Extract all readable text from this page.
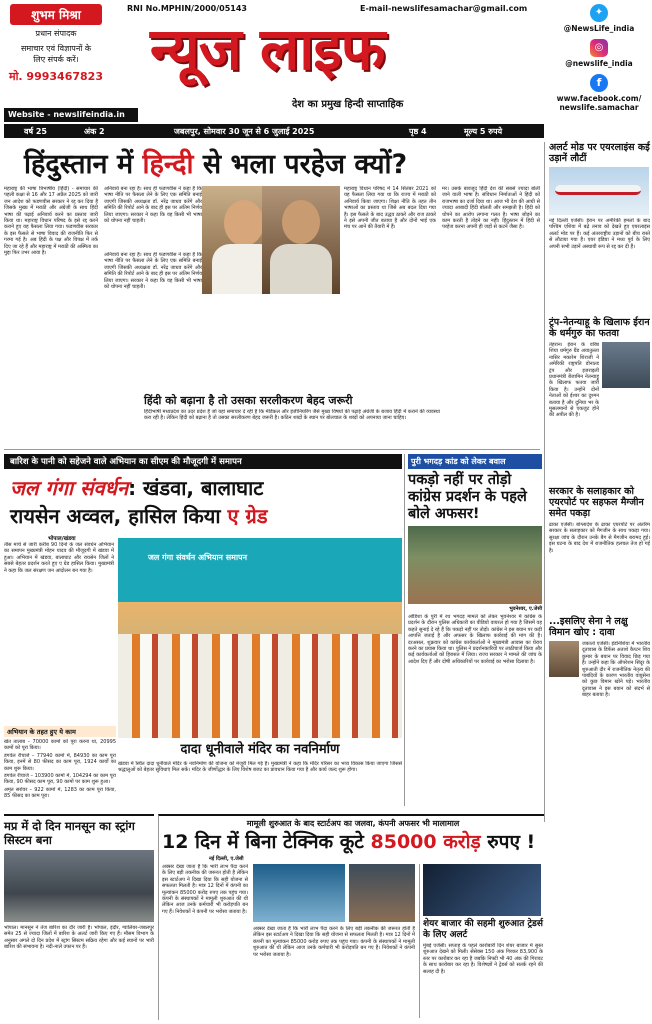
शुभम मिश्रा
प्रधान संपादक
समाचार एवं विज्ञापनों के
लिए संपर्क करें।
मो. 9993467823
RNI No.MPHIN/2000/05143	E-mail-newslifesamachar@gmail.com
न्यूज लाइफ
देश का प्रमुख हिन्दी साप्ताहिक
Website - newslifeindia.in
✦
@NewsLife_india
◎
@newslife_india
f
www.facebook.com/
newslife.samachar
वर्ष 25	अंक 2	जबलपुर, सोमवार 30 जून से 6 जुलाई 2025	पृष्ठ 4	मूल्य 5 रुपये
हिंदुस्तान में हिन्दी से भला परहेज क्यों?
महाराष्ट्र की भाषा त्रिभाषीय (हिंदी) - समाचार की पहली कक्षा से 16 और 17 अप्रैल 2025 को जारी जन आदेश को फडणवीस सरकार ने रद्द कर दिया है जिसके मुख्य में मराठी और अंग्रेजी के साथ हिंदी भाषा की पढ़ाई अनिवार्य करने का प्रस्ताव जारी किया था। महाराष्ट्र विधान परिषद के इसे रद्द करने कराने हुए यह फैसला लिया गया। फडणवीस सरकार के इस फैसले से भाषा विवाद की राजनीति फिर से गरमा गई है। अब हिंदी के पक्ष और विपक्ष में तर्क दिए जा रहे हैं और महाराष्ट्र में मराठी की अस्मिता का मुद्दा फिर उभर आया है।
अनिवार्य बना रहा है। साथ ही फडणवीस ने कहा है कि भाषा नीति पर फैसला लेने के लिए एक समिति बनाई जाएगी जिसकी अध्यक्षता डॉ. नरेंद्र जाधव करेंगे और समिति की रिपोर्ट आने के बाद ही इस पर अंतिम निर्णय लिया जाएगा। सरकार ने कहा कि वह किसी भी भाषा को थोपना नहीं चाहती।
अनिवार्य बना रहा है। साथ ही फडणवीस ने कहा है कि भाषा नीति पर फैसला लेने के लिए एक समिति बनाई जाएगी जिसकी अध्यक्षता डॉ. नरेंद्र जाधव करेंगे और समिति की रिपोर्ट आने के बाद ही इस पर अंतिम निर्णय लिया जाएगा। सरकार ने कहा कि वह किसी भी भाषा को थोपना नहीं चाहती।
महाराष्ट्र विधान परिषद में 14 सितंबर 2021 को यह फैसला लिया गया था कि राज्य में मराठी को अनिवार्य किया जाएगा। शिक्षा नीति के तहत तीन भाषाओं का प्रस्ताव था जिसे अब बदल दिया गया है। इस फैसले के बाद उद्धव ठाकरे और राज ठाकरे ने इसे अपनी जीत बताया है और दोनों भाई एक मंच पर आने की तैयारी में हैं।
मर। उसके बावजूद हिंदी देश की सबसे ज्यादा बोली जाने वाली भाषा है। संविधान निर्माताओं ने हिंदी को राजभाषा का दर्जा दिया था। आज भी देश की आधी से ज्यादा आबादी हिंदी बोलती और समझती है। हिंदी को थोपने का आरोप लगाना गलत है। भाषा जोड़ने का काम करती है तोड़ने का नहीं। हिंदुस्तान में हिंदी से परहेज करना अपनी ही जड़ों से कटने जैसा है।
हिंदी को बढ़ाना है तो उसका सरलीकरण बेहद जरूरी
हिंदीभाषी मध्यप्रदेश का उदर प्रदेश है जो यहां समाचार दे रही है कि मेडिकल और इंजीनियरिंग जैसे मुख्य विषयों की पढ़ाई अंग्रेजी के बजाय हिंदी में कराने की व्यवस्था करा रही है। लेकिन हिंदी को बढ़ाना है तो उसका सरलीकरण बेहद जरूरी है। कठिन शब्दों के स्थान पर बोलचाल के शब्दों को अपनाया जाना चाहिए।
अलर्ट मोड पर एयरलाइंस कई उड़ानें लौटीं
नई दिल्ली एजेंसी। ईरान पर अमेरिकी हमलों के बाद पश्चिम एशिया में बढ़े तनाव को देखते हुए एयरलाइंस अलर्ट मोड पर हैं। कई अंतरराष्ट्रीय उड़ानों को बीच रास्ते से लौटाया गया है। एयर इंडिया ने मध्य पूर्व के लिए अपनी सभी उड़ानें अस्थायी रूप से रद्द कर दी हैं।
ट्रंप-नेतन्याहू के खिलाफ ईरान के धर्मगुरु का फतवा
तेहरान। ईरान के वरिष्ठ शिया धर्मगुरु ग्रैंड अयातुल्ला नासिर मकारेम शिराजी ने अमेरिकी राष्ट्रपति डोनाल्ड ट्रंप और इजराइली प्रधानमंत्री बेंजामिन नेतन्याहू के खिलाफ फतवा जारी किया है। उन्होंने दोनों नेताओं को ईश्वर का दुश्मन बताया है और दुनिया भर के मुसलमानों से एकजुट होने की अपील की है।
सरकार के सलाहकार को एयरपोर्ट पर सहफल मैग्जीन समेत पकड़ा
ढाका एजेंसी। बांग्लादेश के ढाका एयरपोर्ट पर अंतरिम सरकार के सलाहकार को मैगजीन के साथ पकड़ा गया। सुरक्षा जांच के दौरान उनके बैग से मैगजीन बरामद हुई। इस घटना के बाद देश में राजनीतिक हलचल तेज हो गई है।
...इसलिए सेना ने लक्षु विमान खोए : दावा
जकार्ता एजेंसी। इंडोनेशिया में भारतीय दूतावास के डिफेंस अताशे कैप्टन शिव कुमार के बयान पर विवाद छिड़ गया है। उन्होंने कहा कि ऑपरेशन सिंदूर के शुरुआती दौर में राजनीतिक नेतृत्व की पाबंदियों के कारण भारतीय वायुसेना को कुछ विमान खोने पड़े। भारतीय दूतावास ने इस बयान को संदर्भ से बाहर बताया है।
बारिश के पानी को सहेजने वाले अभियान का सीएम की मौजूदगी में समापन
जल गंगा संवर्धन: खंडवा, बालाघाट
रायसेन अव्वल, हासिल किया ए ग्रेड
भोपाल/खंडवा
तीस मार्च से जारी करीब 90 दिनों के जल संवर्धन अभियान का समापन मुख्यमंत्री मोहन यादव की मौजूदगी में खंडवा में हुआ। अभियान में खंडवा, बालाघाट और रायसेन जिलों ने सबसे बेहतर प्रदर्शन करते हुए ए ग्रेड हासिल किया। मुख्यमंत्री ने कहा कि जल संरक्षण जन आंदोलन बन गया है।
जल गंगा संवर्धन अभियान समापन
अभियान के तहत हुए ये काम
खेत तालाब – 70000 कामों को पूरा करना था, 20995 कामों को पूरा किया।
डगवेल रीचार्ज – 77940 कामों में, 84930 का काम पूरा किया, इनमें से 80 फीसद का काम पूरा, 1924 कार्यों का काम शुरू किया।
डगवेल रीचार्ज – 103900 कामों में, 104294 का काम पूरा किया, 90 फीसद काम पूरा, 90 कामों पर काम शुरू हुआ।
अमृत सरोवर – 922 कामों में, 1283 का काम पूरा किया, 85 फीसद का काम पूरा।
पुरी भगदड़ कांड को लेकर बवाल
पकड़ो नहीं पर तोड़ो कांग्रेस प्रदर्शन के पहले बोले अफसर!
भुवनेश्वर, ए.जेसी
ओडिशा के पुरी में रथ भगदड़ मामले को लेकर भुवनेश्वर में कांग्रेस के प्रदर्शन के दौरान पुलिस अधिकारी का वीडियो वायरल हो गया है जिसमें वह कहते सुनाई दे रहे हैं कि पकड़ो नहीं पर तोड़ो। कांग्रेस ने इस बयान पर कड़ी आपत्ति जताई है और अफसर के खिलाफ कार्रवाई की मांग की है। दरअसल, शुक्रवार को कांग्रेस कार्यकर्ताओं ने मुख्यमंत्री आवास का घेराव करने का प्रयास किया था। पुलिस ने प्रदर्शनकारियों पर लाठीचार्ज किया और कई कार्यकर्ताओं को हिरासत में लिया। राज्य सरकार ने मामले की जांच के आदेश दिए हैं और दोषी अधिकारियों पर कार्रवाई का भरोसा दिलाया है।
दादा धूनीवाले मंदिर का नवनिर्माण
खंडवा में स्थित दादा धूनीवाले मंदिर के नवनिर्माण की योजना को मंजूरी मिल गई है। मुख्यमंत्री ने कहा कि मंदिर परिसर का भव्य विकास किया जाएगा जिससे श्रद्धालुओं को बेहतर सुविधाएं मिल सकें। मंदिर के जीर्णोद्धार के लिए विशेष बजट का प्रावधान किया गया है और कार्य जल्द शुरू होगा।
मप्र में दो दिन मानसून का स्ट्रांग सिस्टम बना
भोपाल। मानसून ने तेज बारिश का दौर जारी है। भोपाल, इंदौर, ग्वालियर-जबलपुर समेत 25 से ज्यादा जिलों में बारिश के अलर्ट जारी किए गए हैं। मौसम विभाग के अनुसार अगले दो दिन प्रदेश में स्ट्रांग सिस्टम सक्रिय रहेगा और कई स्थानों पर भारी बारिश की संभावना है। नदी-नाले उफान पर हैं।
मामूली शुरुआत के बाद स्टार्टअप का जलवा, कंपनी अफसर भी मालामाल
12 दिन में बिना टेक्निक कूटे 85000 करोड़ रुपए !
नई दिल्ली, ए.जेसी
अक्सर देखा जाता है कि भारी लाभ पैदा करने के लिए बड़ी तकनीक की जरूरत होती है लेकिन इस स्टार्टअप ने दिखा दिया कि सही योजना से सफलता मिलती है। मात्र 12 दिनों में कंपनी का मूल्यांकन 85000 करोड़ रुपए तक पहुंच गया। कंपनी के संस्थापकों ने मामूली शुरुआत की थी लेकिन आज उनके कर्मचारी भी करोड़पति बन गए हैं। निवेशकों ने कंपनी पर भरोसा जताया है।
अक्सर देखा जाता है कि भारी लाभ पैदा करने के लिए बड़ी तकनीक की जरूरत होती है लेकिन इस स्टार्टअप ने दिखा दिया कि सही योजना से सफलता मिलती है। मात्र 12 दिनों में कंपनी का मूल्यांकन 85000 करोड़ रुपए तक पहुंच गया। कंपनी के संस्थापकों ने मामूली शुरुआत की थी लेकिन आज उनके कर्मचारी भी करोड़पति बन गए हैं। निवेशकों ने कंपनी पर भरोसा जताया है।
शेयर बाजार की सहमी शुरुआत ट्रेडर्स के लिए अलर्ट
मुंबई एजेंसी। सप्ताह के पहले कारोबारी दिन शेयर बाजार में सुस्त शुरुआत देखने को मिली। सेंसेक्स 150 अंक गिरकर 83,900 के स्तर पर कारोबार कर रहा है जबकि निफ्टी भी 40 अंक की गिरावट के साथ कारोबार कर रहा है। विशेषज्ञों ने ट्रेडर्स को सतर्क रहने की सलाह दी है।
